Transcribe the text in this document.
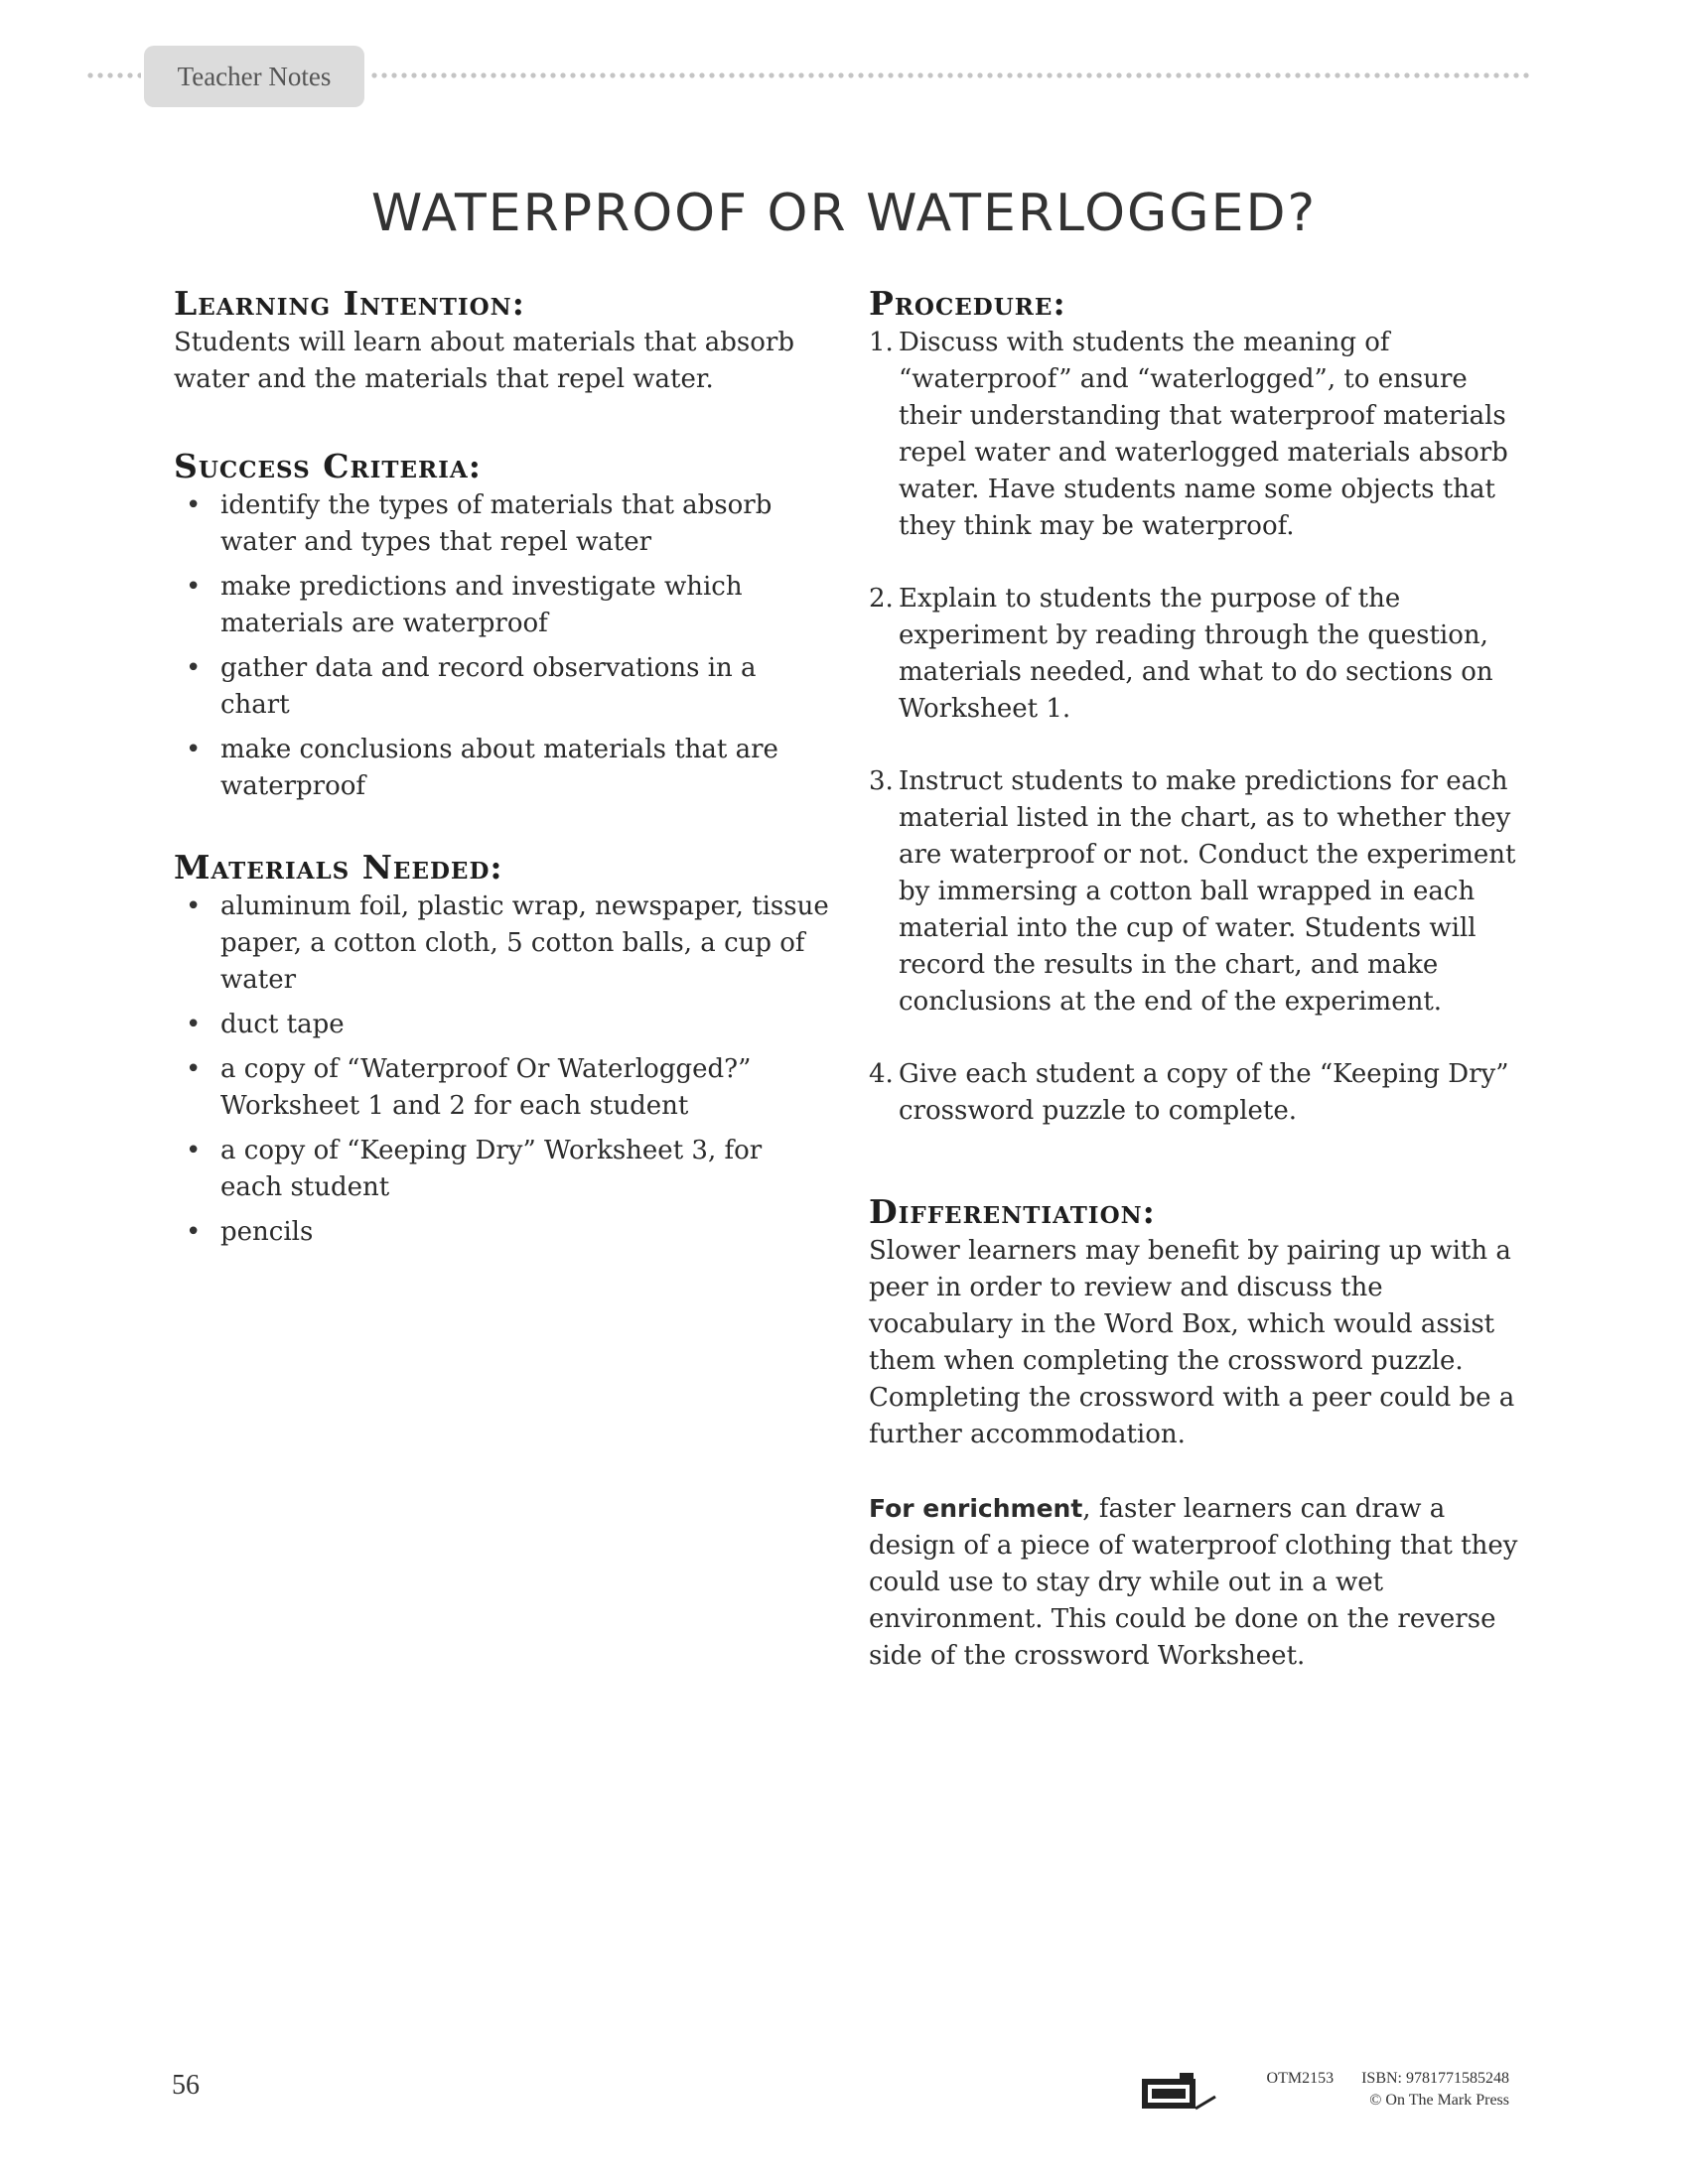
Teacher Notes
WATERPROOF OR WATERLOGGED?
Learning Intention:

Students will learn about materials that absorb water and the materials that repel water.

Success Criteria:
• identify the types of materials that absorb water and types that repel water
• make predictions and investigate which materials are waterproof
• gather data and record observations in a chart
• make conclusions about materials that are waterproof
Materials Needed:
• aluminum foil, plastic wrap, newspaper, tissue paper, a cotton cloth, 5 cotton balls, a cup of water
• duct tape
• a copy of “Waterproof Or Waterlogged?” Worksheet 1 and 2 for each student
• a copy of “Keeping Dry” Worksheet 3, for each student
• pencils
Procedure:
1. Discuss with students the meaning of “waterproof” and “waterlogged”, to ensure their understanding that waterproof materials repel water and waterlogged materials absorb water. Have students name some objects that they think may be waterproof.
2. Explain to students the purpose of the experiment by reading through the question, materials needed, and what to do sections on Worksheet 1.
3. Instruct students to make predictions for each material listed in the chart, as to whether they are waterproof or not. Conduct the experiment by immersing a cotton ball wrapped in each material into the cup of water. Students will record the results in the chart, and make conclusions at the end of the experiment.
4. Give each student a copy of the “Keeping Dry” crossword puzzle to complete.
Differentiation:

Slower learners may benefit by pairing up with a peer in order to review and discuss the vocabulary in the Word Box, which would assist them when completing the crossword puzzle. Completing the crossword with a peer could be a further accommodation.

For enrichment, faster learners can draw a design of a piece of waterproof clothing that they could use to stay dry while out in a wet environment. This could be done on the reverse side of the crossword Worksheet.

56	OTM2153 ISBN: 9781771585248
© On The Mark Press
